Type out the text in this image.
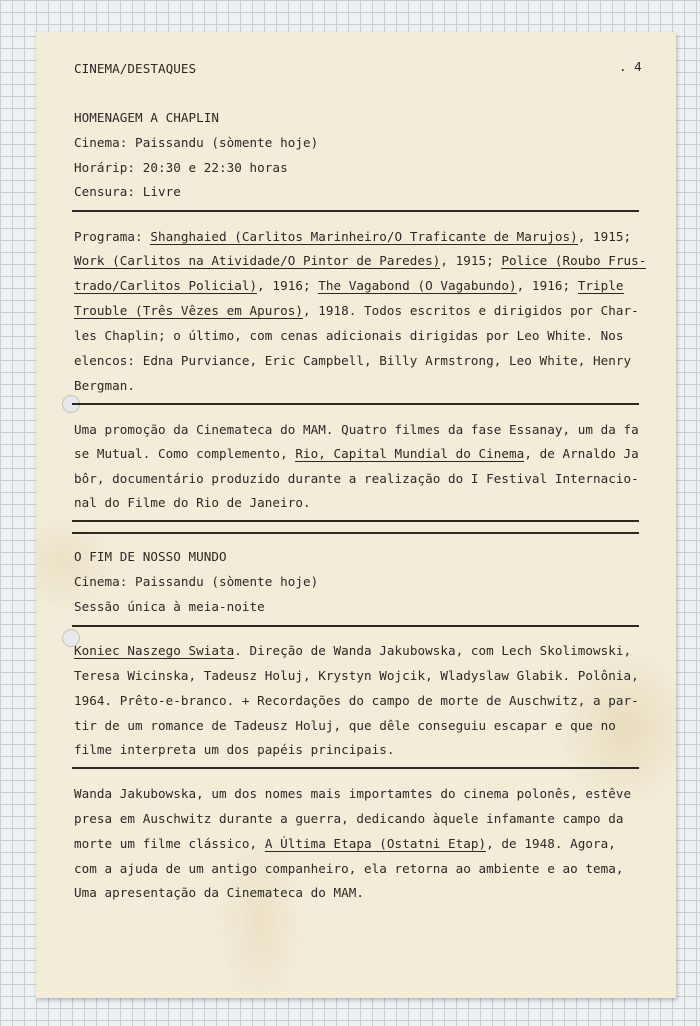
CINEMA/DESTAQUES	. 4
HOMENAGEM A CHAPLIN
Cinema: Paissandu (sòmente hoje)
Horárip: 20:30 e 22:30 horas
Censura: Livre
Programa: Shanghaied (Carlitos Marinheiro/O Traficante de Marujos), 1915;
Work (Carlitos na Atividade/O Pintor de Paredes), 1915; Police (Roubo Frus-
trado/Carlitos Policial), 1916; The Vagabond (O Vagabundo), 1916; Triple
Trouble (Três Vêzes em Apuros), 1918. Todos escritos e dirigidos por Char-
les Chaplin; o último, com cenas adicionais dirigidas por Leo White. Nos
elencos: Edna Purviance, Eric Campbell, Billy Armstrong, Leo White, Henry
Bergman.
Uma promoção da Cinemateca do MAM. Quatro filmes da fase Essanay, um da fa
se Mutual. Como complemento, Rio, Capital Mundial do Cinema, de Arnaldo Ja
bôr, documentário produzido durante a realização do I Festival Internacio-
nal do Filme do Rio de Janeiro.
O FIM DE NOSSO MUNDO
Cinema: Paissandu (sòmente hoje)
Sessão única à meia-noite
Koniec Naszego Swiata. Direção de Wanda Jakubowska, com Lech Skolimowski,
Teresa Wicinska, Tadeusz Holuj, Krystyn Wojcik, Wladyslaw Glabik. Polônia,
1964. Prêto-e-branco. + Recordações do campo de morte de Auschwitz, a par-
tir de um romance de Tadeusz Holuj, que dêle conseguiu escapar e que no
filme interpreta um dos papéis principais.
Wanda Jakubowska, um dos nomes mais importamtes do cinema polonês, estêve
presa em Auschwitz durante a guerra, dedicando àquele infamante campo da
morte um filme clássico, A Última Etapa (Ostatni Etap), de 1948. Agora,
com a ajuda de um antigo companheiro, ela retorna ao ambiente e ao tema,
Uma apresentação da Cinemateca do MAM.
